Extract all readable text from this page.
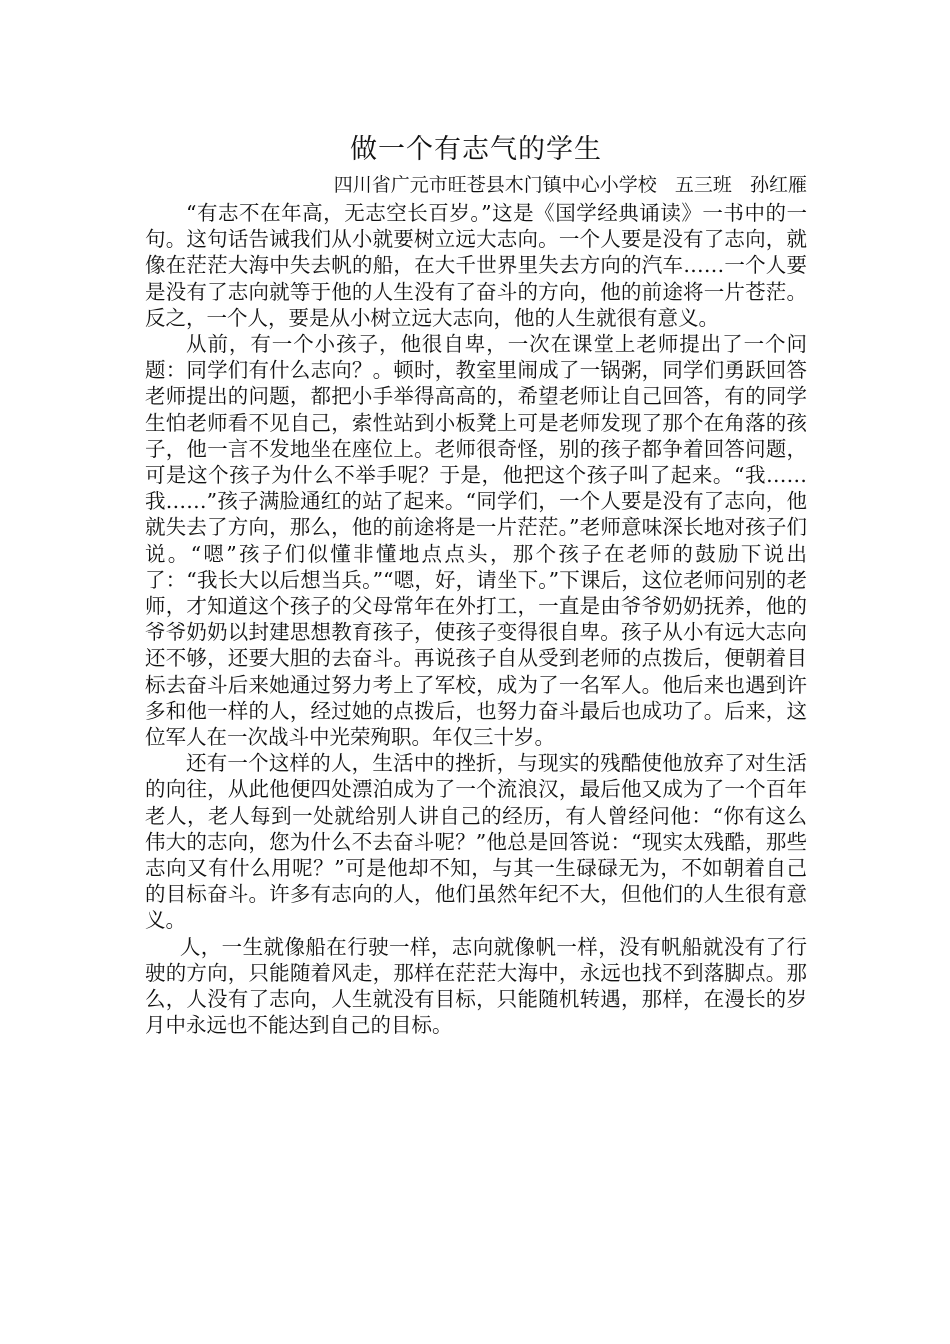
做一个有志气的学生

四川省广元市旺苍县木门镇中心小学校   五三班   孙红雁

“有志不在年高，无志空长百岁。”这是《国学经典诵读》一书中的一句。这句话告诫我们从小就要树立远大志向。一个人要是没有了志向，就像在茫茫大海中失去帆的船，在大千世界里失去方向的汽车……一个人要是没有了志向就等于他的人生没有了奋斗的方向，他的前途将一片苍茫。反之，一个人，要是从小树立远大志向，他的人生就很有意义。

从前，有一个小孩子，他很自卑，一次在课堂上老师提出了一个问题：同学们有什么志向？。顿时，教室里闹成了一锅粥，同学们勇跃回答老师提出的问题，都把小手举得高高的，希望老师让自己回答，有的同学生怕老师看不见自己，索性站到小板凳上可是老师发现了那个在角落的孩子，他一言不发地坐在座位上。老师很奇怪，别的孩子都争着回答问题，可是这个孩子为什么不举手呢？于是，他把这个孩子叫了起来。“我……我……”孩子满脸通红的站了起来。“同学们，一个人要是没有了志向，他就失去了方向，那么，他的前途将是一片茫茫。”老师意味深长地对孩子们说。“嗯”孩子们似懂非懂地点点头，那个孩子在老师的鼓励下说出了：“我长大以后想当兵。”“嗯，好，请坐下。”下课后，这位老师问别的老师，才知道这个孩子的父母常年在外打工，一直是由爷爷奶奶抚养，他的爷爷奶奶以封建思想教育孩子，使孩子变得很自卑。孩子从小有远大志向还不够，还要大胆的去奋斗。再说孩子自从受到老师的点拨后，便朝着目标去奋斗后来她通过努力考上了军校，成为了一名军人。他后来也遇到许多和他一样的人，经过她的点拨后，也努力奋斗最后也成功了。后来，这位军人在一次战斗中光荣殉职。年仅三十岁。

还有一个这样的人，生活中的挫折，与现实的残酷使他放弃了对生活的向往，从此他便四处漂泊成为了一个流浪汉，最后他又成为了一个百年老人，老人每到一处就给别人讲自己的经历，有人曾经问他：“你有这么伟大的志向，您为什么不去奋斗呢？”他总是回答说：“现实太残酷，那些志向又有什么用呢？”可是他却不知，与其一生碌碌无为，不如朝着自己的目标奋斗。许多有志向的人，他们虽然年纪不大，但他们的人生很有意义。

人，一生就像船在行驶一样，志向就像帆一样，没有帆船就没有了行驶的方向，只能随着风走，那样在茫茫大海中，永远也找不到落脚点。那么，人没有了志向，人生就没有目标，只能随机转遇，那样，在漫长的岁月中永远也不能达到自己的目标。
